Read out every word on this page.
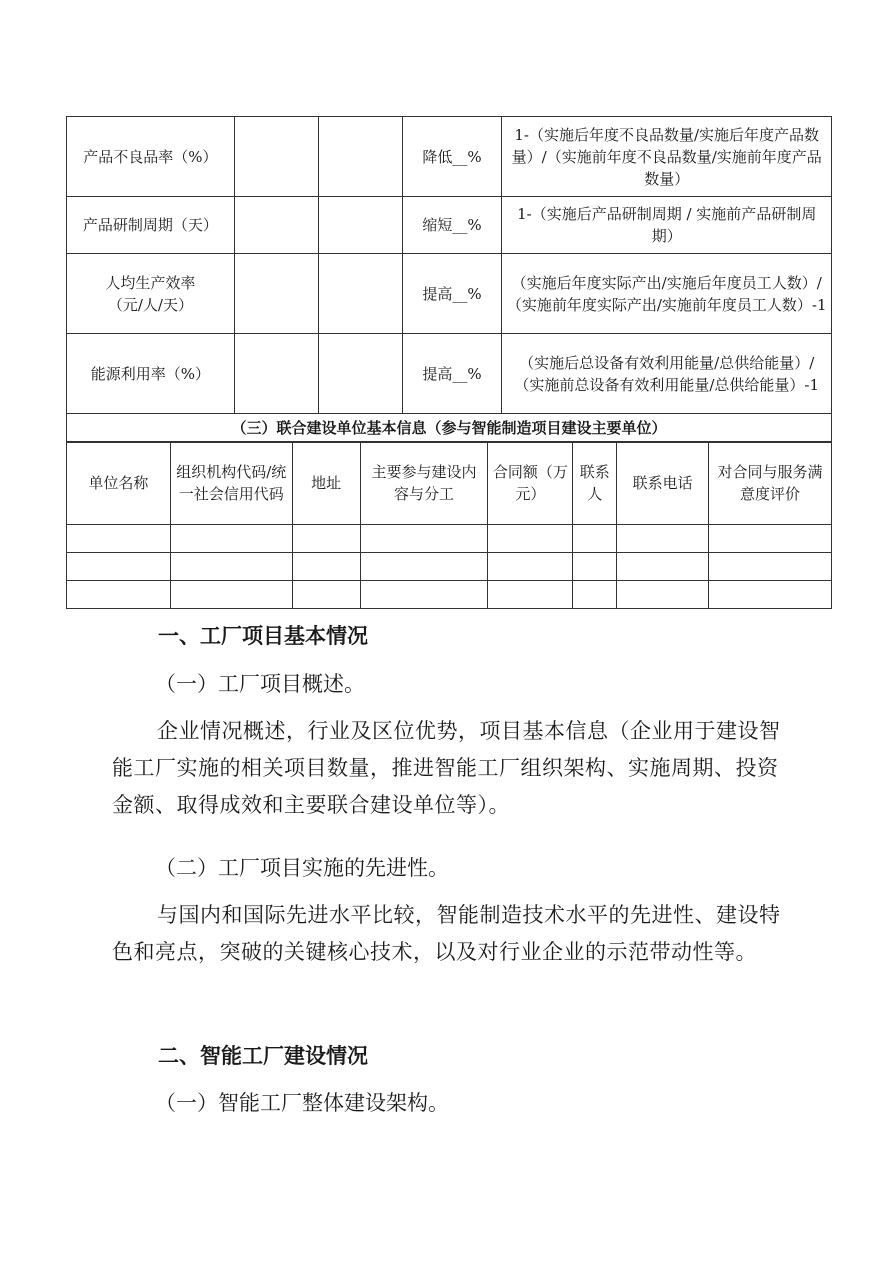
产品不良品率（%）			降低__%	1-（实施后年度不良品数量/实施后年度产品数量）/（实施前年度不良品数量/实施前年度产品数量）
产品研制周期（天）			缩短__%	1-（实施后产品研制周期 / 实施前产品研制周期）

人均生产效率
（元/人/天）			提高__%	（实施后年度实际产出/实施后年度员工人数）/（实施前年度实际产出/实施前年度员工人数）-1
能源利用率（%）			提高__%	（实施后总设备有效利用能量/总供给能量）/（实施前总设备有效利用能量/总供给能量）-1
（三）联合建设单位基本信息（参与智能制造项目建设主要单位）				
单位名称	组织机构代码/统一社会信用代码	地址	主要参与建设内容与分工	合同额（万元）	联系人	联系电话	对合同与服务满意度评价

一、工厂项目基本情况
（一）工厂项目概述。
企业情况概述，行业及区位优势，项目基本信息（企业用于建设智能工厂实施的相关项目数量，推进智能工厂组织架构、实施周期、投资金额、取得成效和主要联合建设单位等）。
（二）工厂项目实施的先进性。
与国内和国际先进水平比较，智能制造技术水平的先进性、建设特色和亮点，突破的关键核心技术，以及对行业企业的示范带动性等。
二、智能工厂建设情况
（一）智能工厂整体建设架构。
